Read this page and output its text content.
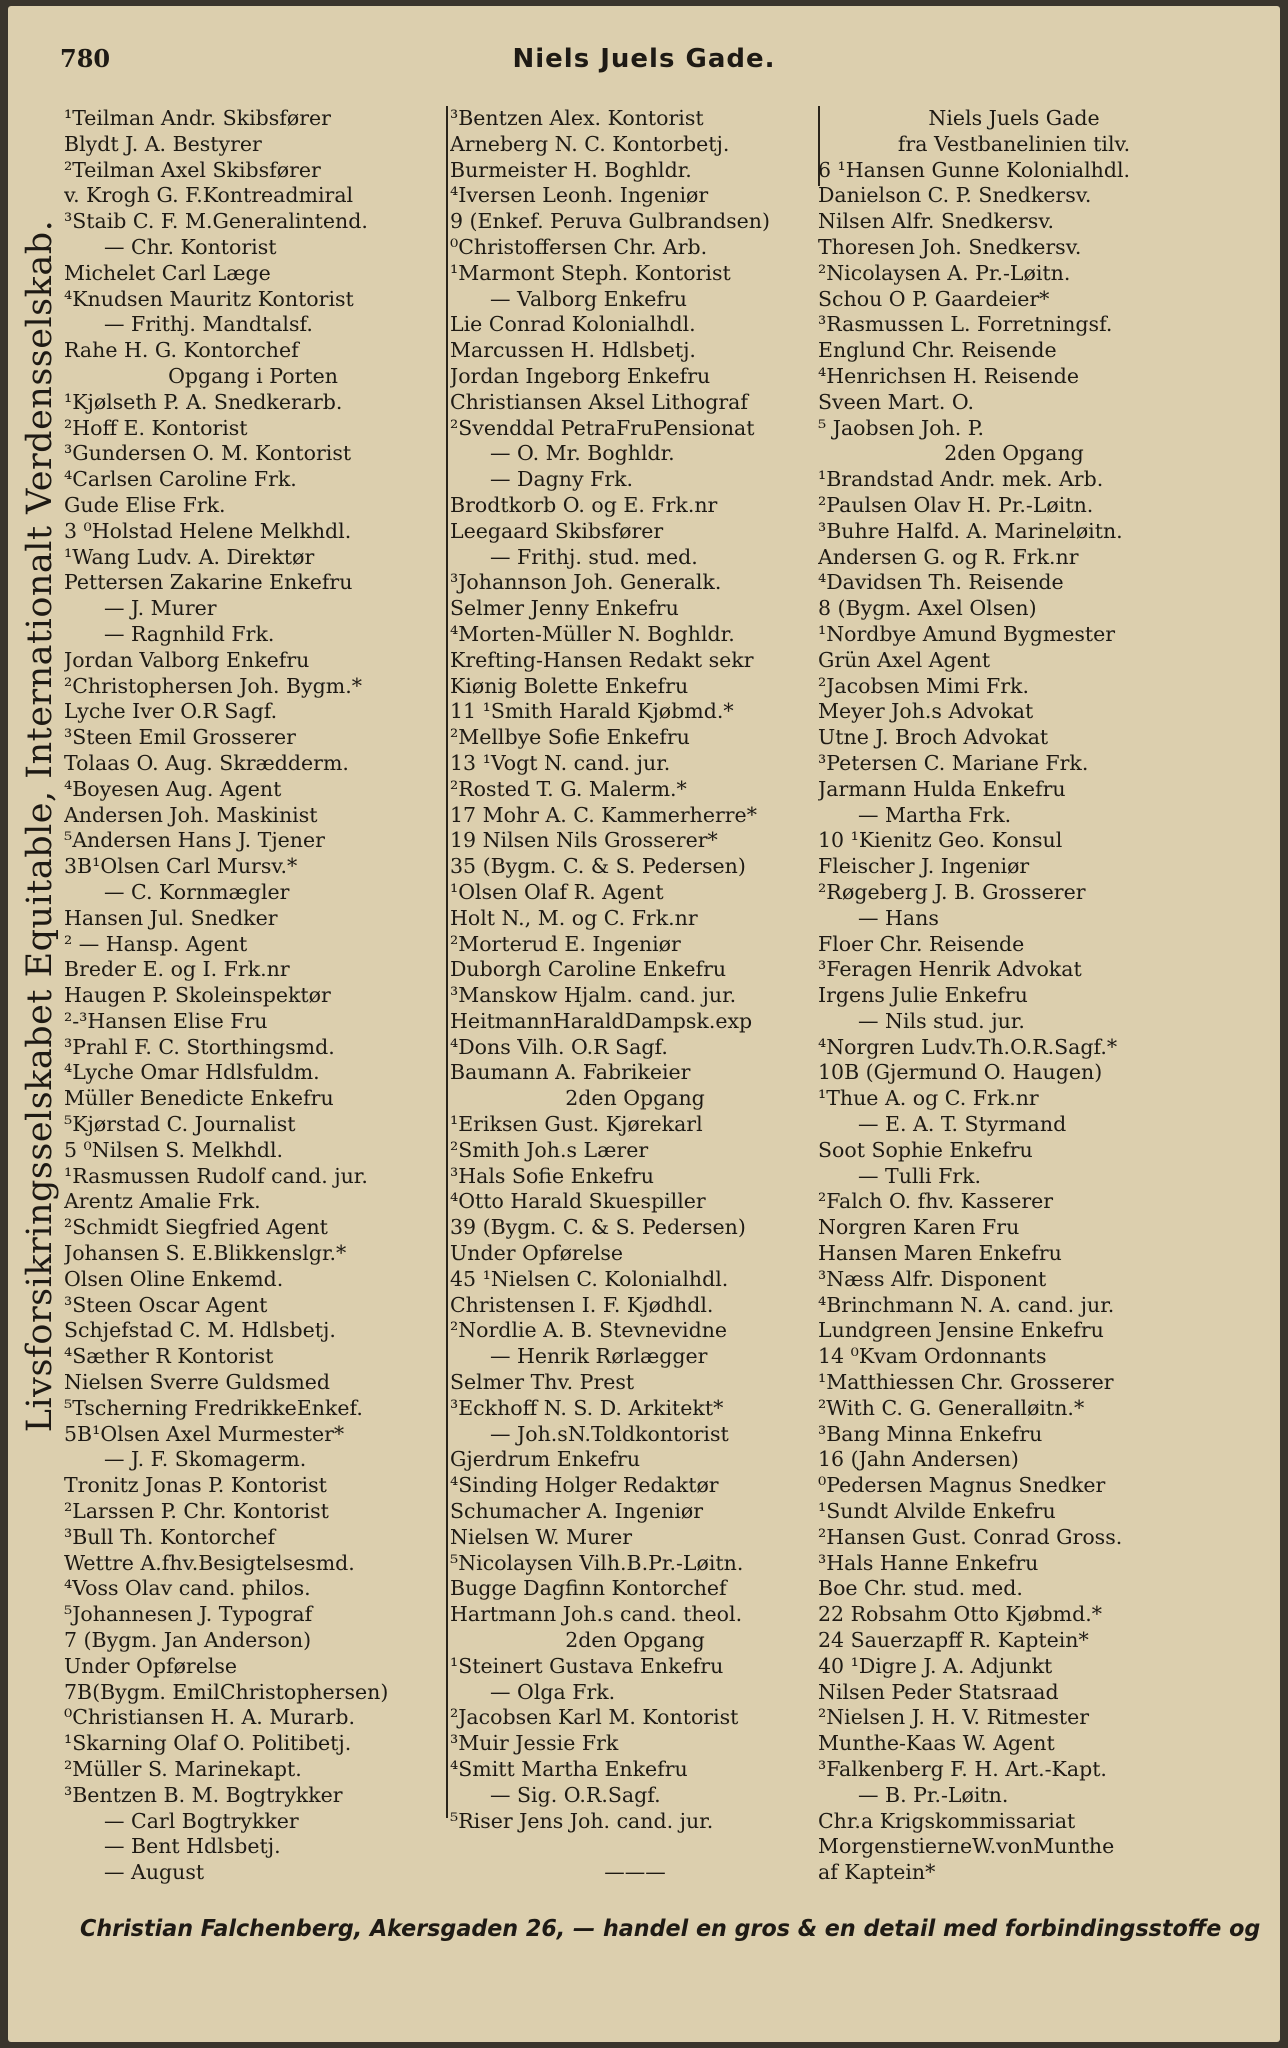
780	Niels Juels Gade.
Livsforsikringsselskabet Equitable, Internationalt Verdensselskab.
¹Teilman Andr. Skibsfører
Blydt J. A. Bestyrer
²Teilman Axel Skibsfører
v. Krogh G. F.Kontreadmiral
³Staib C. F. M.Generalintend.
— Chr. Kontorist
Michelet Carl Læge
⁴Knudsen Mauritz Kontorist
— Frithj. Mandtalsf.
Rahe H. G. Kontorchef
Opgang i Porten
¹Kjølseth P. A. Snedkerarb.
²Hoff E. Kontorist
³Gundersen O. M. Kontorist
⁴Carlsen Caroline Frk.
Gude Elise Frk.
3 ⁰Holstad Helene Melkhdl.
¹Wang Ludv. A. Direktør
Pettersen Zakarine Enkefru
— J. Murer
— Ragnhild Frk.
Jordan Valborg Enkefru
²Christophersen Joh. Bygm.*
Lyche Iver O.R Sagf.
³Steen Emil Grosserer
Tolaas O. Aug. Skrædderm.
⁴Boyesen Aug. Agent
Andersen Joh. Maskinist
⁵Andersen Hans J. Tjener
3B¹Olsen Carl Mursv.*
— C. Kornmægler
Hansen Jul. Snedker
² — Hansp. Agent
Breder E. og I. Frk.nr
Haugen P. Skoleinspektør
²-³Hansen Elise Fru
³Prahl F. C. Storthingsmd.
⁴Lyche Omar Hdlsfuldm.
Müller Benedicte Enkefru
⁵Kjørstad C. Journalist
5 ⁰Nilsen S. Melkhdl.
¹Rasmussen Rudolf cand. jur.
Arentz Amalie Frk.
²Schmidt Siegfried Agent
Johansen S. E.Blikkenslgr.*
Olsen Oline Enkemd.
³Steen Oscar Agent
Schjefstad C. M. Hdlsbetj.
⁴Sæther R Kontorist
Nielsen Sverre Guldsmed
⁵Tscherning FredrikkeEnkef.
5B¹Olsen Axel Murmester*
— J. F. Skomagerm.
Tronitz Jonas P. Kontorist
²Larssen P. Chr. Kontorist
³Bull Th. Kontorchef
Wettre A.fhv.Besigtelsesmd.
⁴Voss Olav cand. philos.
⁵Johannesen J. Typograf
7 (Bygm. Jan Anderson)
Under Opførelse
7B(Bygm. EmilChristophersen)
⁰Christiansen H. A. Murarb.
¹Skarning Olaf O. Politibetj.
²Müller S. Marinekapt.
³Bentzen B. M. Bogtrykker
— Carl Bogtrykker
— Bent Hdlsbetj.
— August
³Bentzen Alex. Kontorist
Arneberg N. C. Kontorbetj.
Burmeister H. Boghldr.
⁴Iversen Leonh. Ingeniør
9 (Enkef. Peruva Gulbrandsen)
⁰Christoffersen Chr. Arb.
¹Marmont Steph. Kontorist
— Valborg Enkefru
Lie Conrad Kolonialhdl.
Marcussen H. Hdlsbetj.
Jordan Ingeborg Enkefru
Christiansen Aksel Lithograf
²Svenddal PetraFruPensionat
— O. Mr. Boghldr.
— Dagny Frk.
Brodtkorb O. og E. Frk.nr
Leegaard Skibsfører
— Frithj. stud. med.
³Johannson Joh. Generalk.
Selmer Jenny Enkefru
⁴Morten-Müller N. Boghldr.
Krefting-Hansen Redakt sekr
Kiønig Bolette Enkefru
11 ¹Smith Harald Kjøbmd.*
²Mellbye Sofie Enkefru
13 ¹Vogt N. cand. jur.
²Rosted T. G. Malerm.*
17 Mohr A. C. Kammerherre*
19 Nilsen Nils Grosserer*
35 (Bygm. C. & S. Pedersen)
¹Olsen Olaf R. Agent
Holt N., M. og C. Frk.nr
²Morterud E. Ingeniør
Duborgh Caroline Enkefru
³Manskow Hjalm. cand. jur.
HeitmannHaraldDampsk.exp
⁴Dons Vilh. O.R Sagf.
Baumann A. Fabrikeier
2den Opgang
¹Eriksen Gust. Kjørekarl
²Smith Joh.s Lærer
³Hals Sofie Enkefru
⁴Otto Harald Skuespiller
39 (Bygm. C. & S. Pedersen)
Under Opførelse
45 ¹Nielsen C. Kolonialhdl.
Christensen I. F. Kjødhdl.
²Nordlie A. B. Stevnevidne
— Henrik Rørlægger
Selmer Thv. Prest
³Eckhoff N. S. D. Arkitekt*
— Joh.sN.Toldkontorist
Gjerdrum Enkefru
⁴Sinding Holger Redaktør
Schumacher A. Ingeniør
Nielsen W. Murer
⁵Nicolaysen Vilh.B.Pr.-Løitn.
Bugge Dagfinn Kontorchef
Hartmann Joh.s cand. theol.
2den Opgang
¹Steinert Gustava Enkefru
— Olga Frk.
²Jacobsen Karl M. Kontorist
³Muir Jessie Frk
⁴Smitt Martha Enkefru
— Sig. O.R.Sagf.
⁵Riser Jens Joh. cand. jur.
———
Niels Juels Gade
fra Vestbanelinien tilv.
6 ¹Hansen Gunne Kolonialhdl.
Danielson C. P. Snedkersv.
Nilsen Alfr. Snedkersv.
Thoresen Joh. Snedkersv.
²Nicolaysen A. Pr.-Løitn.
Schou O P. Gaardeier*
³Rasmussen L. Forretningsf.
Englund Chr. Reisende
⁴Henrichsen H. Reisende
Sveen Mart. O.
⁵ Jaobsen Joh. P.
2den Opgang
¹Brandstad Andr. mek. Arb.
²Paulsen Olav H. Pr.-Løitn.
³Buhre Halfd. A. Marineløitn.
Andersen G. og R. Frk.nr
⁴Davidsen Th. Reisende
8 (Bygm. Axel Olsen)
¹Nordbye Amund Bygmester
Grün Axel Agent
²Jacobsen Mimi Frk.
Meyer Joh.s Advokat
Utne J. Broch Advokat
³Petersen C. Mariane Frk.
Jarmann Hulda Enkefru
— Martha Frk.
10 ¹Kienitz Geo. Konsul
Fleischer J. Ingeniør
²Røgeberg J. B. Grosserer
— Hans
Floer Chr. Reisende
³Feragen Henrik Advokat
Irgens Julie Enkefru
— Nils stud. jur.
⁴Norgren Ludv.Th.O.R.Sagf.*
10B (Gjermund O. Haugen)
¹Thue A. og C. Frk.nr
— E. A. T. Styrmand
Soot Sophie Enkefru
— Tulli Frk.
²Falch O. fhv. Kasserer
Norgren Karen Fru
Hansen Maren Enkefru
³Næss Alfr. Disponent
⁴Brinchmann N. A. cand. jur.
Lundgreen Jensine Enkefru
14 ⁰Kvam Ordonnants
¹Matthiessen Chr. Grosserer
²With C. G. Generalløitn.*
³Bang Minna Enkefru
16 (Jahn Andersen)
⁰Pedersen Magnus Snedker
¹Sundt Alvilde Enkefru
²Hansen Gust. Conrad Gross.
³Hals Hanne Enkefru
Boe Chr. stud. med.
22 Robsahm Otto Kjøbmd.*
24 Sauerzapff R. Kaptein*
40 ¹Digre J. A. Adjunkt
Nilsen Peder Statsraad
²Nielsen J. H. V. Ritmester
Munthe-Kaas W. Agent
³Falkenberg F. H. Art.-Kapt.
— B. Pr.-Løitn.
Chr.a Krigskommissariat
MorgenstierneW.vonMunthe
af Kaptein*
Christian Falchenberg, Akersgaden 26, — handel en gros & en detail med forbindingsstoffe og
